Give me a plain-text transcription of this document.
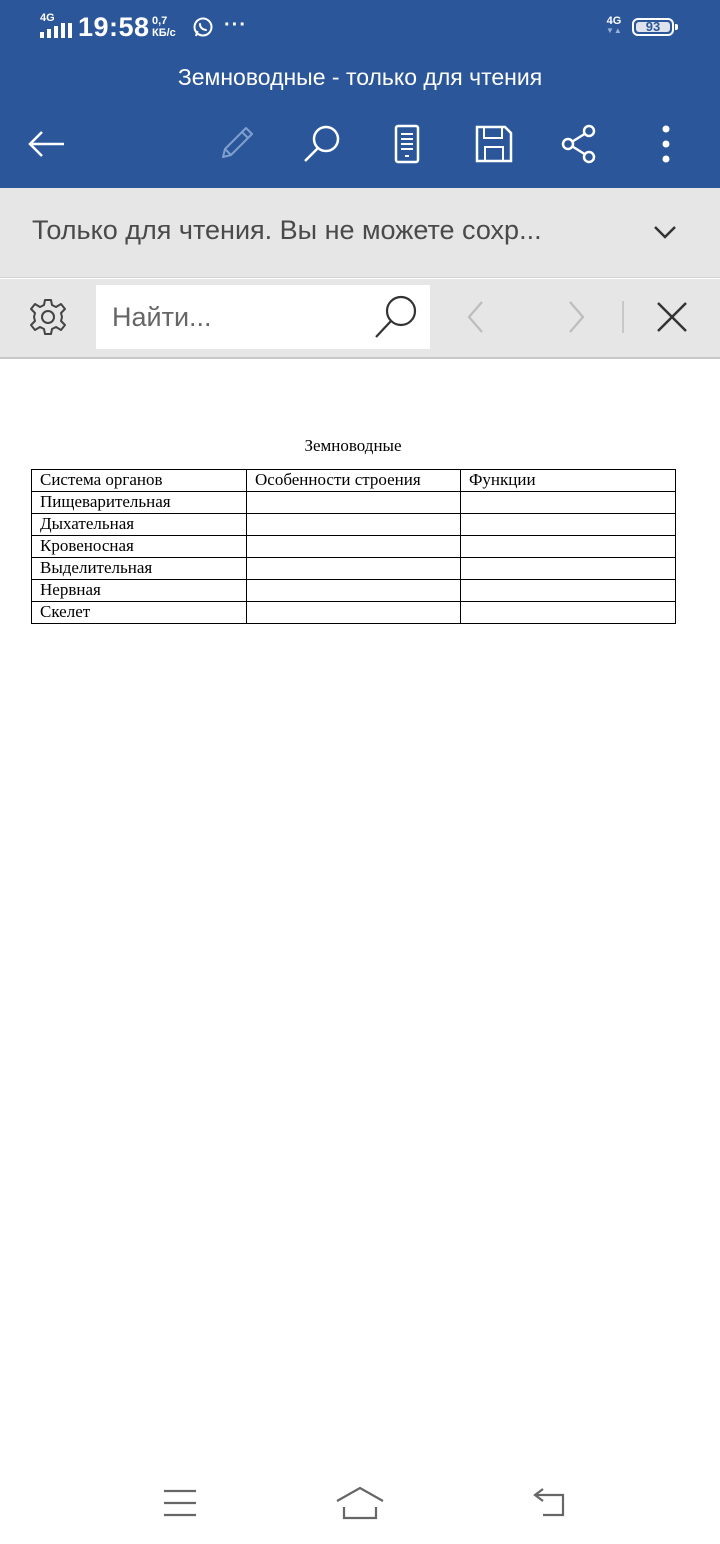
4G 19:58 0,7
КБ/с ···	4G
▼▲	93
Земноводные - только для чтения
Только для чтения. Вы не можете сохр...
Найти...
Земноводные
Система органов	Особенности строения	Функции
Пищеварительная		
Дыхательная		
Кровеносная		
Выделительная		
Нервная		
Скелет		
